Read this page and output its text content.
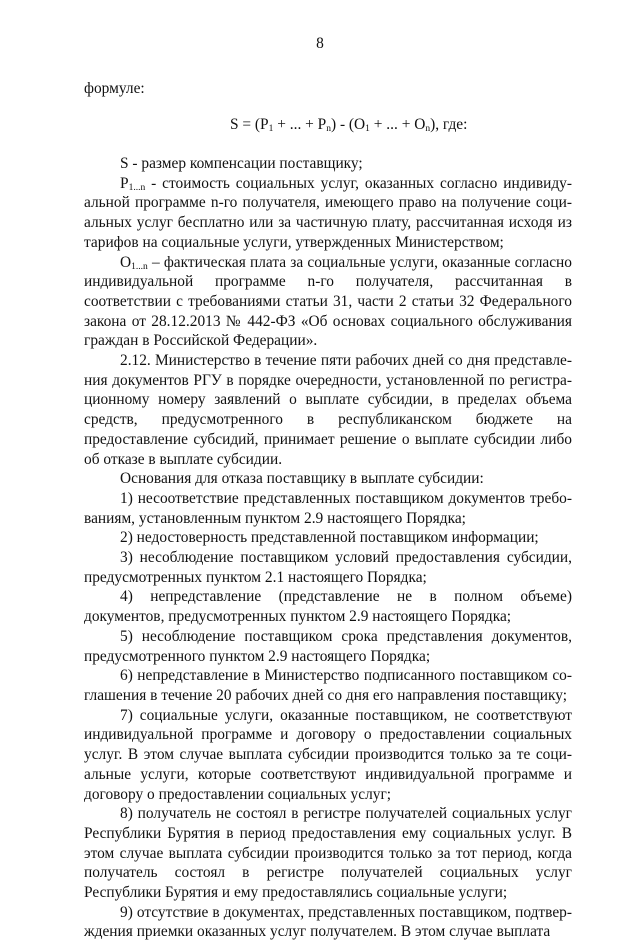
8
формуле:
$S = (P_1$ + ... + $P_n) - (O_1$ + ... + $O_n$), где:

S - размер компенсации поставщику;

$P_{1...n}$ - стоимость социальных услуг, оказанных согласно индивидуальной программе n-го получателя, имеющего право на получение социальных услуг бесплатно или за частичную плату, рассчитанная исходя из тарифов на социальные услуги, утвержденных Министерством;

$O_{1...n}$ – фактическая плата за социальные услуги, оказанные согласно индивидуальной программе n-го получателя, рассчитанная в соответствии с требованиями статьи 31, части 2 статьи 32 Федерального закона от 28.12.2013 № 442-ФЗ «Об основах социального обслуживания граждан в Российской Федерации».

2.12. Министерство в течение пяти рабочих дней со дня представления документов РГУ в порядке очередности, установленной по регистрационному номеру заявлений о выплате субсидии, в пределах объема средств, предусмотренного в республиканском бюджете на предоставление субсидий, принимает решение о выплате субсидии либо об отказе в выплате субсидии.

Основания для отказа поставщику в выплате субсидии:

1) несоответствие представленных поставщиком документов требованиям, установленным пунктом 2.9 настоящего Порядка;

2) недостоверность представленной поставщиком информации;

3) несоблюдение поставщиком условий предоставления субсидии, предусмотренных пунктом 2.1 настоящего Порядка;

4) непредставление (представление не в полном объеме) документов, предусмотренных пунктом 2.9 настоящего Порядка;

5) несоблюдение поставщиком срока представления документов, предусмотренного пунктом 2.9 настоящего Порядка;

6) непредставление в Министерство подписанного поставщиком соглашения в течение 20 рабочих дней со дня его направления поставщику;

7) социальные услуги, оказанные поставщиком, не соответствуют индивидуальной программе и договору о предоставлении социальных услуг. В этом случае выплата субсидии производится только за те социальные услуги, которые соответствуют индивидуальной программе и договору о предоставлении социальных услуг;

8) получатель не состоял в регистре получателей социальных услуг Республики Бурятия в период предоставления ему социальных услуг. В этом случае выплата субсидии производится только за тот период, когда получатель состоял в регистре получателей социальных услуг Республики Бурятия и ему предоставлялись социальные услуги;

9) отсутствие в документах, представленных поставщиком, подтверждения приемки оказанных услуг получателем. В этом случае выплата
